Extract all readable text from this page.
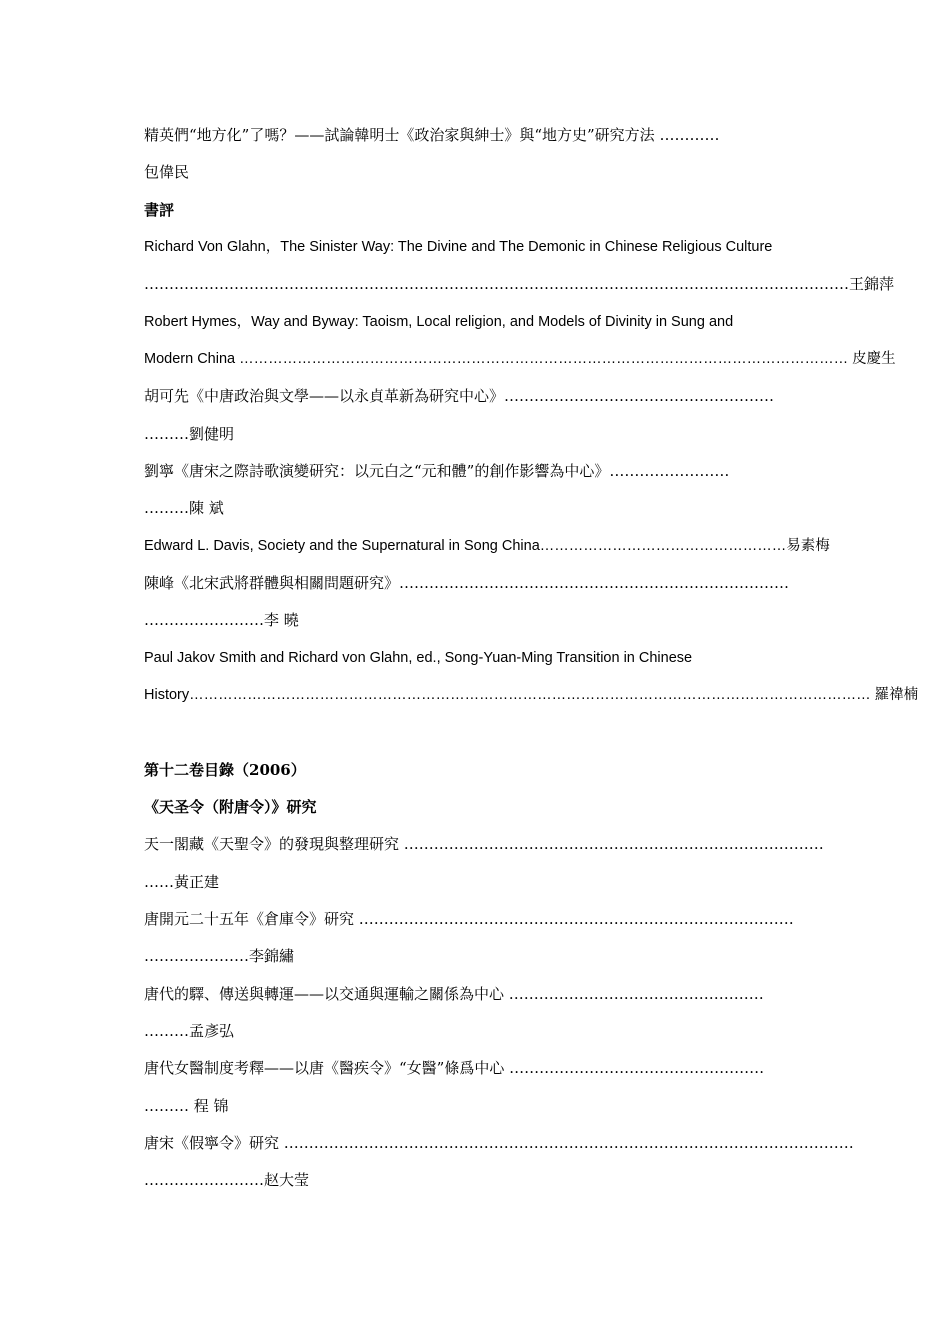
精英們“地方化”了嗎？——試論韓明士《政治家與紳士》與“地方史”研究方法 …………
包偉民
書評
Richard Von Glahn，The Sinister Way: The Divine and The Demonic in Chinese Religious Culture
……………………………………………………………………………………………………………………………王錦萍
Robert Hymes，Way and Byway: Taoism, Local religion, and Models of Divinity in Sung and
Modern China ……………………………………………………………………………………………………………… 皮慶生
胡可先《中唐政治與文學——以永貞革新為研究中心》………………………………………………
………劉健明
劉寧《唐宋之際詩歌演變研究：以元白之“元和體”的創作影響為中心》……………………
………陳 斌
Edward L. Davis, Society and the Supernatural in Song China……………………………………………易素梅
陳峰《北宋武將群體與相關問題研究》……………………………………………………………………
……………………李 曉
Paul Jakov Smith and Richard von Glahn, ed., Song-Yuan-Ming Transition in Chinese
History…………………………………………………………………………………………………………………………… 羅禕楠
第十二卷目錄（2006）
《天圣令（附唐令）》研究
天一閣藏《天聖令》的發現與整理研究 …………………………………………………………………………
……黃正建
唐開元二十五年《倉庫令》研究 ……………………………………………………………………………
…………………李錦繡
唐代的驛、傳送與轉運——以交通與運輸之關係為中心 ……………………………………………
………孟彥弘
唐代女醫制度考釋——以唐《醫疾令》“女醫”條爲中心 ……………………………………………
……… 程 锦
唐宋《假寧令》研究 ……………………………………………………………………………………………………
……………………赵大莹
